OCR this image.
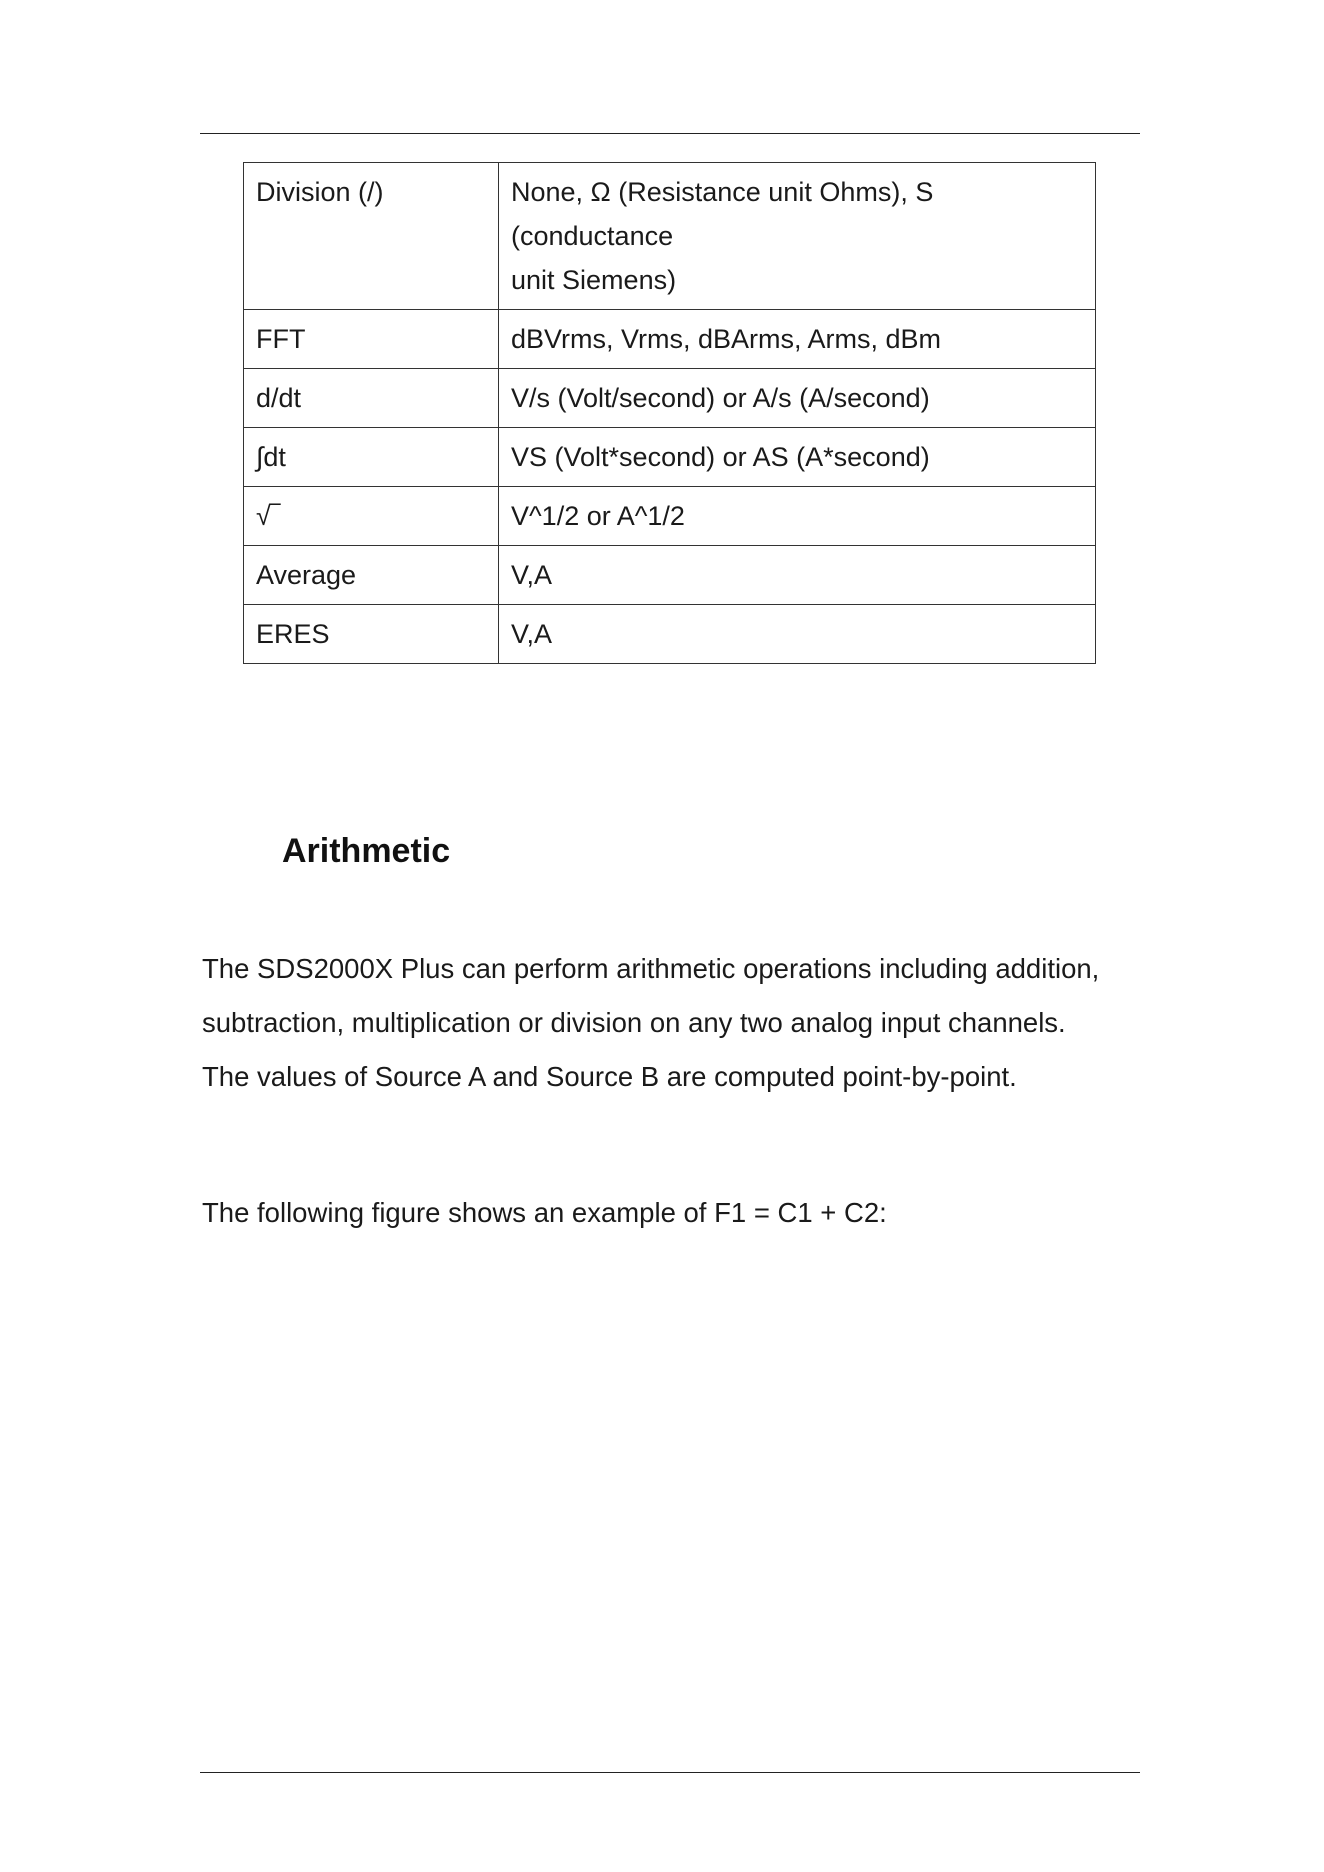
Division (/)	None, Ω (Resistance unit Ohms), S (conductance
unit Siemens)

FFT	dBVrms, Vrms, dBArms, Arms, dBm
d/dt	V/s (Volt/second) or A/s (A/second)
∫dt	VS (Volt*second) or AS (A*second)
√‾	V^1/2 or A^1/2
Average	V,A
ERES	V,A
Arithmetic

The SDS2000X Plus can perform arithmetic operations including addition,
subtraction, multiplication or division on any two analog input channels.
The values of Source A and Source B are computed point-by-point.

The following figure shows an example of F1 = C1 + C2:
